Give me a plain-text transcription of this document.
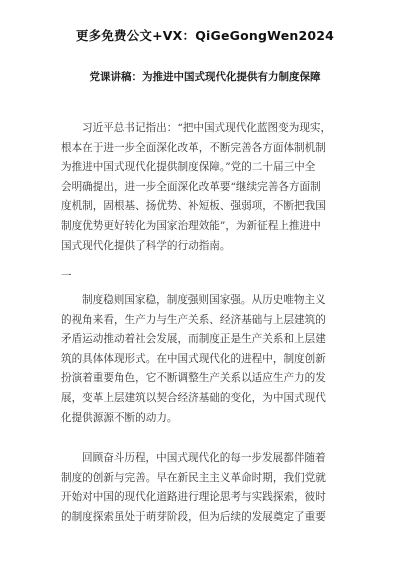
更多免费公文+VX：QiGeGongWen2024
党课讲稿：为推进中国式现代化提供有力制度保障
习近平总书记指出：“把中国式现代化蓝图变为现实，
根本在于进一步全面深化改革，不断完善各方面体制机制
为推进中国式现代化提供制度保障。”党的二十届三中全
会明确提出，进一步全面深化改革要“继续完善各方面制
度机制，固根基、扬优势、补短板、强弱项，不断把我国
制度优势更好转化为国家治理效能”，为新征程上推进中
国式现代化提供了科学的行动指南。
一
制度稳则国家稳，制度强则国家强。从历史唯物主义
的视角来看，生产力与生产关系、经济基础与上层建筑的
矛盾运动推动着社会发展，而制度正是生产关系和上层建
筑的具体体现形式。在中国式现代化的进程中，制度创新
扮演着重要角色，它不断调整生产关系以适应生产力的发
展，变革上层建筑以契合经济基础的变化，为中国式现代
化提供源源不断的动力。
回顾奋斗历程，中国式现代化的每一步发展都伴随着
制度的创新与完善。早在新民主主义革命时期，我们党就
开始对中国的现代化道路进行理论思考与实践探索，彼时
的制度探索虽处于萌芽阶段，但为后续的发展奠定了重要
